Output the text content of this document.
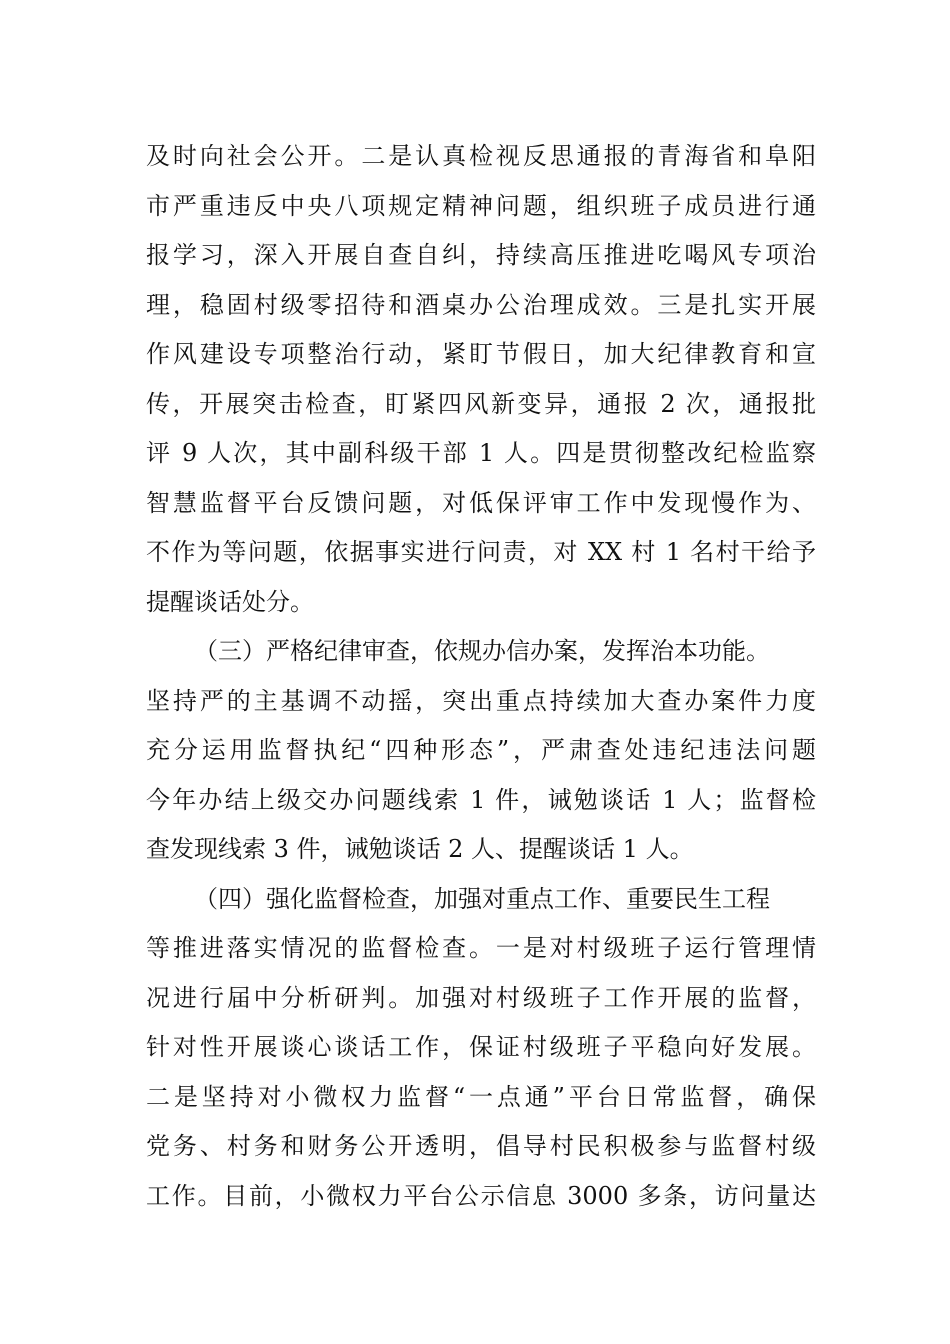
及时向社会公开。二是认真检视反思通报的青海省和阜阳
市严重违反中央八项规定精神问题，组织班子成员进行通
报学习，深入开展自查自纠，持续高压推进吃喝风专项治
理，稳固村级零招待和酒桌办公治理成效。三是扎实开展
作风建设专项整治行动，紧盯节假日，加大纪律教育和宣
传，开展突击检查，盯紧四风新变异，通报 2 次，通报批
评 9 人次，其中副科级干部 1 人。四是贯彻整改纪检监察
智慧监督平台反馈问题，对低保评审工作中发现慢作为、
不作为等问题，依据事实进行问责，对 XX 村 1 名村干给予
提醒谈话处分。
（三）严格纪律审查，依规办信办案，发挥治本功能。
坚持严的主基调不动摇，突出重点持续加大查办案件力度
充分运用监督执纪“四种形态”，严肃查处违纪违法问题
今年办结上级交办问题线索 1 件，诫勉谈话 1 人；监督检
查发现线索 3 件，诫勉谈话 2 人、提醒谈话 1 人。
（四）强化监督检查，加强对重点工作、重要民生工程
等推进落实情况的监督检查。一是对村级班子运行管理情
况进行届中分析研判。加强对村级班子工作开展的监督，
针对性开展谈心谈话工作，保证村级班子平稳向好发展。
二是坚持对小微权力监督“一点通”平台日常监督，确保
党务、村务和财务公开透明，倡导村民积极参与监督村级
工作。目前，小微权力平台公示信息 3000 多条，访问量达
